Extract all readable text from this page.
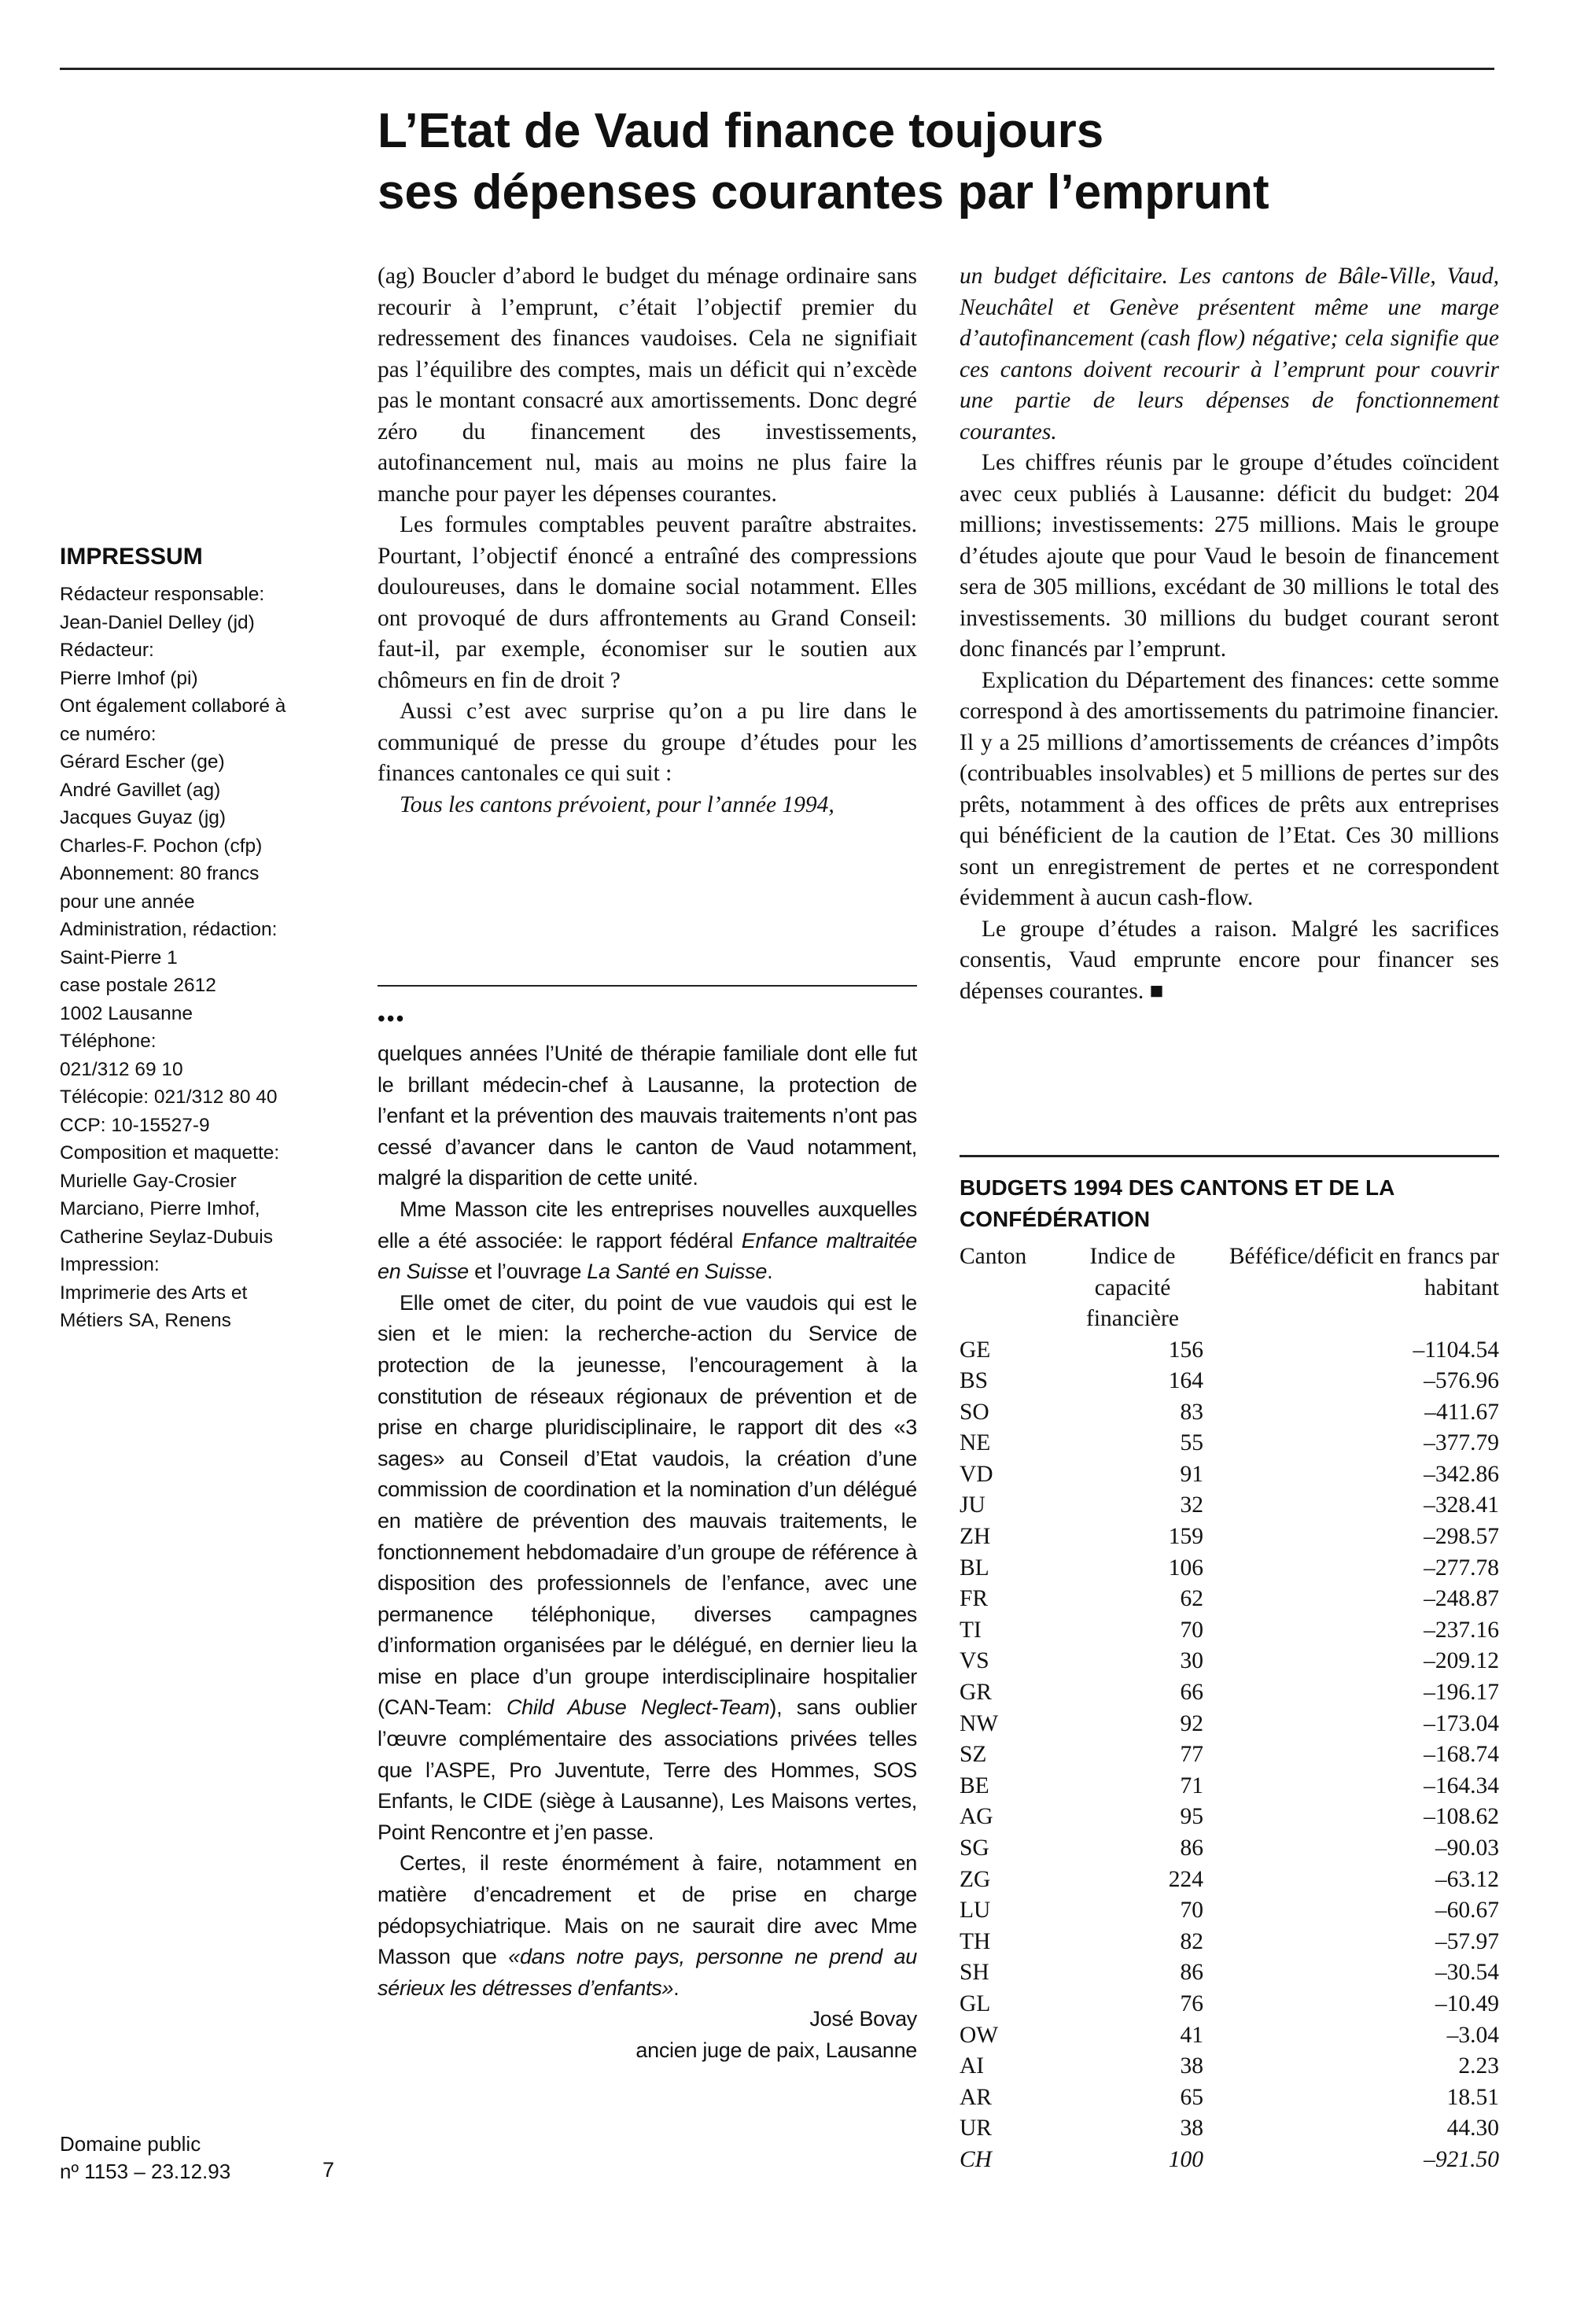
L’Etat de Vaud finance toujours
ses dépenses courantes par l’emprunt
IMPRESSUM
Rédacteur responsable:
Jean-Daniel Delley (jd)
Rédacteur:
Pierre Imhof (pi)
Ont également collaboré à
ce numéro:
Gérard Escher (ge)
André Gavillet (ag)
Jacques Guyaz (jg)
Charles-F. Pochon (cfp)
Abonnement: 80 francs
pour une année
Administration, rédaction:
Saint-Pierre 1
case postale 2612
1002 Lausanne
Téléphone:
021/312 69 10
Télécopie: 021/312 80 40
CCP: 10-15527-9
Composition et maquette:
Murielle Gay-Crosier
Marciano, Pierre Imhof,
Catherine Seylaz-Dubuis
Impression:
Imprimerie des Arts et
Métiers SA, Renens
Domaine public
nº 1153 – 23.12.93	7

(ag) Boucler d’abord le budget du ménage ordinaire sans recourir à l’emprunt, c’était l’objectif premier du redressement des finances vaudoises. Cela ne signifiait pas l’équilibre des comptes, mais un déficit qui n’excède pas le montant consacré aux amortissements. Donc degré zéro du financement des investissements, autofinancement nul, mais au moins ne plus faire la manche pour payer les dépenses courantes.

Les formules comptables peuvent paraître abstraites. Pourtant, l’objectif énoncé a entraîné des compressions douloureuses, dans le domaine social notamment. Elles ont provoqué de durs affrontements au Grand Conseil: faut-il, par exemple, économiser sur le soutien aux chômeurs en fin de droit ?

Aussi c’est avec surprise qu’on a pu lire dans le communiqué de presse du groupe d’études pour les finances cantonales ce qui suit :

Tous les cantons prévoient, pour l’année 1994,

un budget déficitaire. Les cantons de Bâle-Ville, Vaud, Neuchâtel et Genève présentent même une marge d’autofinancement (cash flow) négative; cela signifie que ces cantons doivent recourir à l’emprunt pour couvrir une partie de leurs dépenses de fonctionnement courantes.

Les chiffres réunis par le groupe d’études coïncident avec ceux publiés à Lausanne: déficit du budget: 204 millions; investissements: 275 millions. Mais le groupe d’études ajoute que pour Vaud le besoin de financement sera de 305 millions, excédant de 30 millions le total des investissements. 30 millions du budget courant seront donc financés par l’emprunt.

Explication du Département des finances: cette somme correspond à des amortissements du patrimoine financier. Il y a 25 millions d’amortissements de créances d’impôts (contribuables insolvables) et 5 millions de pertes sur des prêts, notamment à des offices de prêts aux entreprises qui bénéficient de la caution de l’Etat. Ces 30 millions sont un enregistrement de pertes et ne correspondent évidemment à aucun cash-flow.

Le groupe d’études a raison. Malgré les sacrifices consentis, Vaud emprunte encore pour financer ses dépenses courantes. ■

•••

quelques années l’Unité de thérapie familiale dont elle fut le brillant médecin-chef à Lausanne, la protection de l’enfant et la prévention des mauvais traitements n’ont pas cessé d’avancer dans le canton de Vaud notamment, malgré la disparition de cette unité.

Mme Masson cite les entreprises nouvelles auxquelles elle a été associée: le rapport fédéral Enfance maltraitée en Suisse et l’ouvrage La Santé en Suisse.

Elle omet de citer, du point de vue vaudois qui est le sien et le mien: la recherche-action du Service de protection de la jeunesse, l’encouragement à la constitution de réseaux régionaux de prévention et de prise en charge pluridisciplinaire, le rapport dit des «3 sages» au Conseil d’Etat vaudois, la création d’une commission de coordination et la nomination d’un délégué en matière de prévention des mauvais traitements, le fonctionnement hebdomadaire d’un groupe de référence à disposition des professionnels de l’enfance, avec une permanence téléphonique, diverses campagnes d’information organisées par le délégué, en dernier lieu la mise en place d’un groupe interdisciplinaire hospitalier (CAN-Team: Child Abuse Neglect-Team), sans oublier l’œuvre complémentaire des associations privées telles que l’ASPE, Pro Juventute, Terre des Hommes, SOS Enfants, le CIDE (siège à Lausanne), Les Maisons vertes, Point Rencontre et j’en passe.

Certes, il reste énormément à faire, notamment en matière d’encadrement et de prise en charge pédopsychiatrique. Mais on ne saurait dire avec Mme Masson que «dans notre pays, personne ne prend au sérieux les détresses d’enfants».

José Bovay

ancien juge de paix, Lausanne

BUDGETS 1994 DES CANTONS ET DE LA CONFÉDÉRATION
Canton	Indice de capacité financière	Béféfice/déficit en francs par habitant
GE	156	–1104.54
BS	164	–576.96
SO	83	–411.67
NE	55	–377.79
VD	91	–342.86
JU	32	–328.41
ZH	159	–298.57
BL	106	–277.78
FR	62	–248.87
TI	70	–237.16
VS	30	–209.12
GR	66	–196.17
NW	92	–173.04
SZ	77	–168.74
BE	71	–164.34
AG	95	–108.62
SG	86	–90.03
ZG	224	–63.12
LU	70	–60.67
TH	82	–57.97
SH	86	–30.54
GL	76	–10.49
OW	41	–3.04
AI	38	2.23
AR	65	18.51
UR	38	44.30
CH	100	–921.50
